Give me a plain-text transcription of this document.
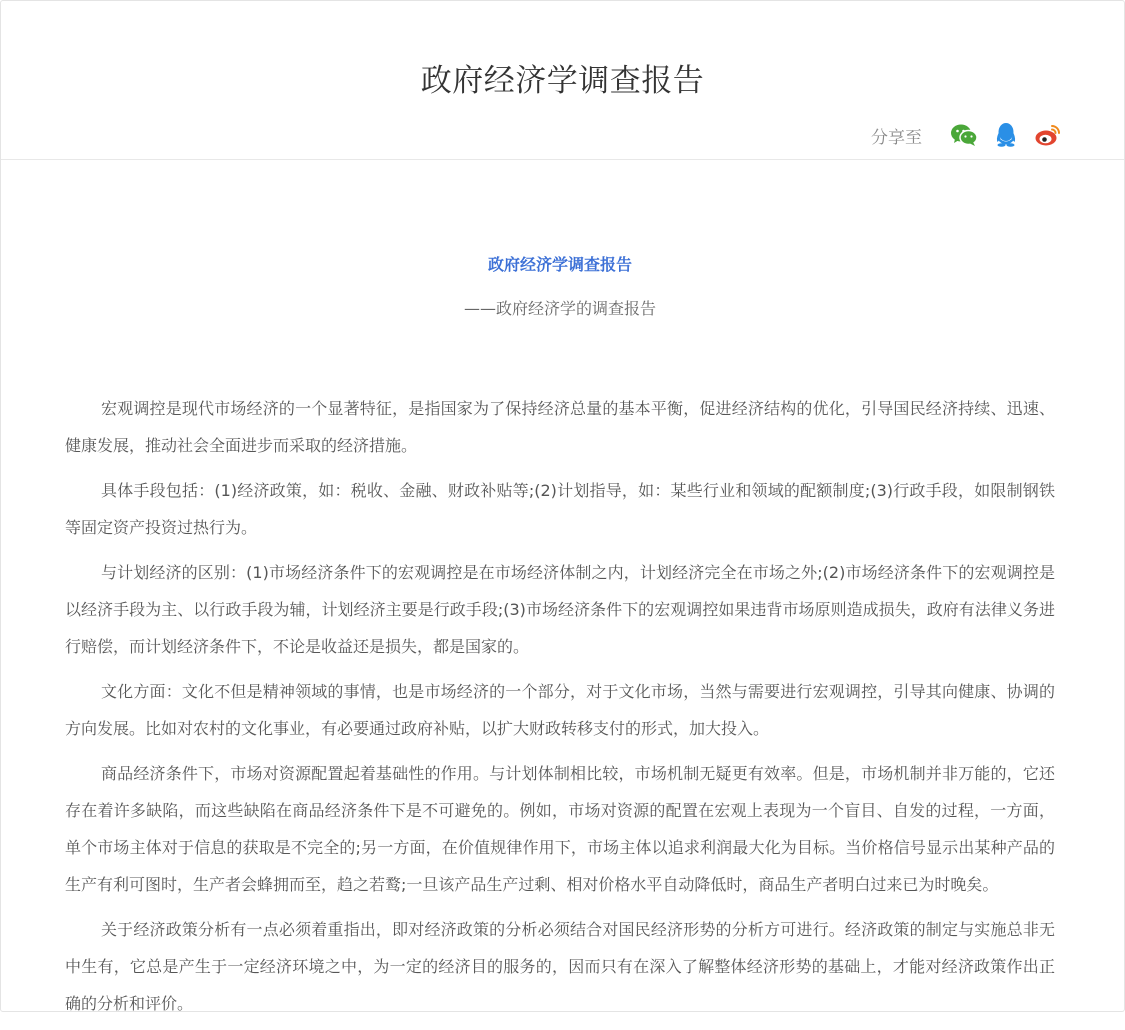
政府经济学调查报告
分享至
政府经济学调查报告
——政府经济学的调查报告

宏观调控是现代市场经济的一个显著特征，是指国家为了保持经济总量的基本平衡，促进经济结构的优化，引导国民经济持续、迅速、健康发展，推动社会全面进步而采取的经济措施。

具体手段包括：(1)经济政策，如：税收、金融、财政补贴等;(2)计划指导，如：某些行业和领域的配额制度;(3)行政手段，如限制钢铁等固定资产投资过热行为。

与计划经济的区别：(1)市场经济条件下的宏观调控是在市场经济体制之内，计划经济完全在市场之外;(2)市场经济条件下的宏观调控是以经济手段为主、以行政手段为辅，计划经济主要是行政手段;(3)市场经济条件下的宏观调控如果违背市场原则造成损失，政府有法律义务进行赔偿，而计划经济条件下，不论是收益还是损失，都是国家的。

文化方面：文化不但是精神领域的事情，也是市场经济的一个部分，对于文化市场，当然与需要进行宏观调控，引导其向健康、协调的方向发展。比如对农村的文化事业，有必要通过政府补贴，以扩大财政转移支付的形式，加大投入。

商品经济条件下，市场对资源配置起着基础性的作用。与计划体制相比较，市场机制无疑更有效率。但是，市场机制并非万能的，它还存在着许多缺陷，而这些缺陷在商品经济条件下是不可避免的。例如，市场对资源的配置在宏观上表现为一个盲目、自发的过程，一方面，单个市场主体对于信息的获取是不完全的;另一方面，在价值规律作用下，市场主体以追求利润最大化为目标。当价格信号显示出某种产品的生产有利可图时，生产者会蜂拥而至，趋之若鹜;一旦该产品生产过剩、相对价格水平自动降低时，商品生产者明白过来已为时晚矣。

关于经济政策分析有一点必须着重指出，即对经济政策的分析必须结合对国民经济形势的分析方可进行。经济政策的制定与实施总非无中生有，它总是产生于一定经济环境之中，为一定的经济目的服务的，因而只有在深入了解整体经济形势的基础上，才能对经济政策作出正确的分析和评价。
